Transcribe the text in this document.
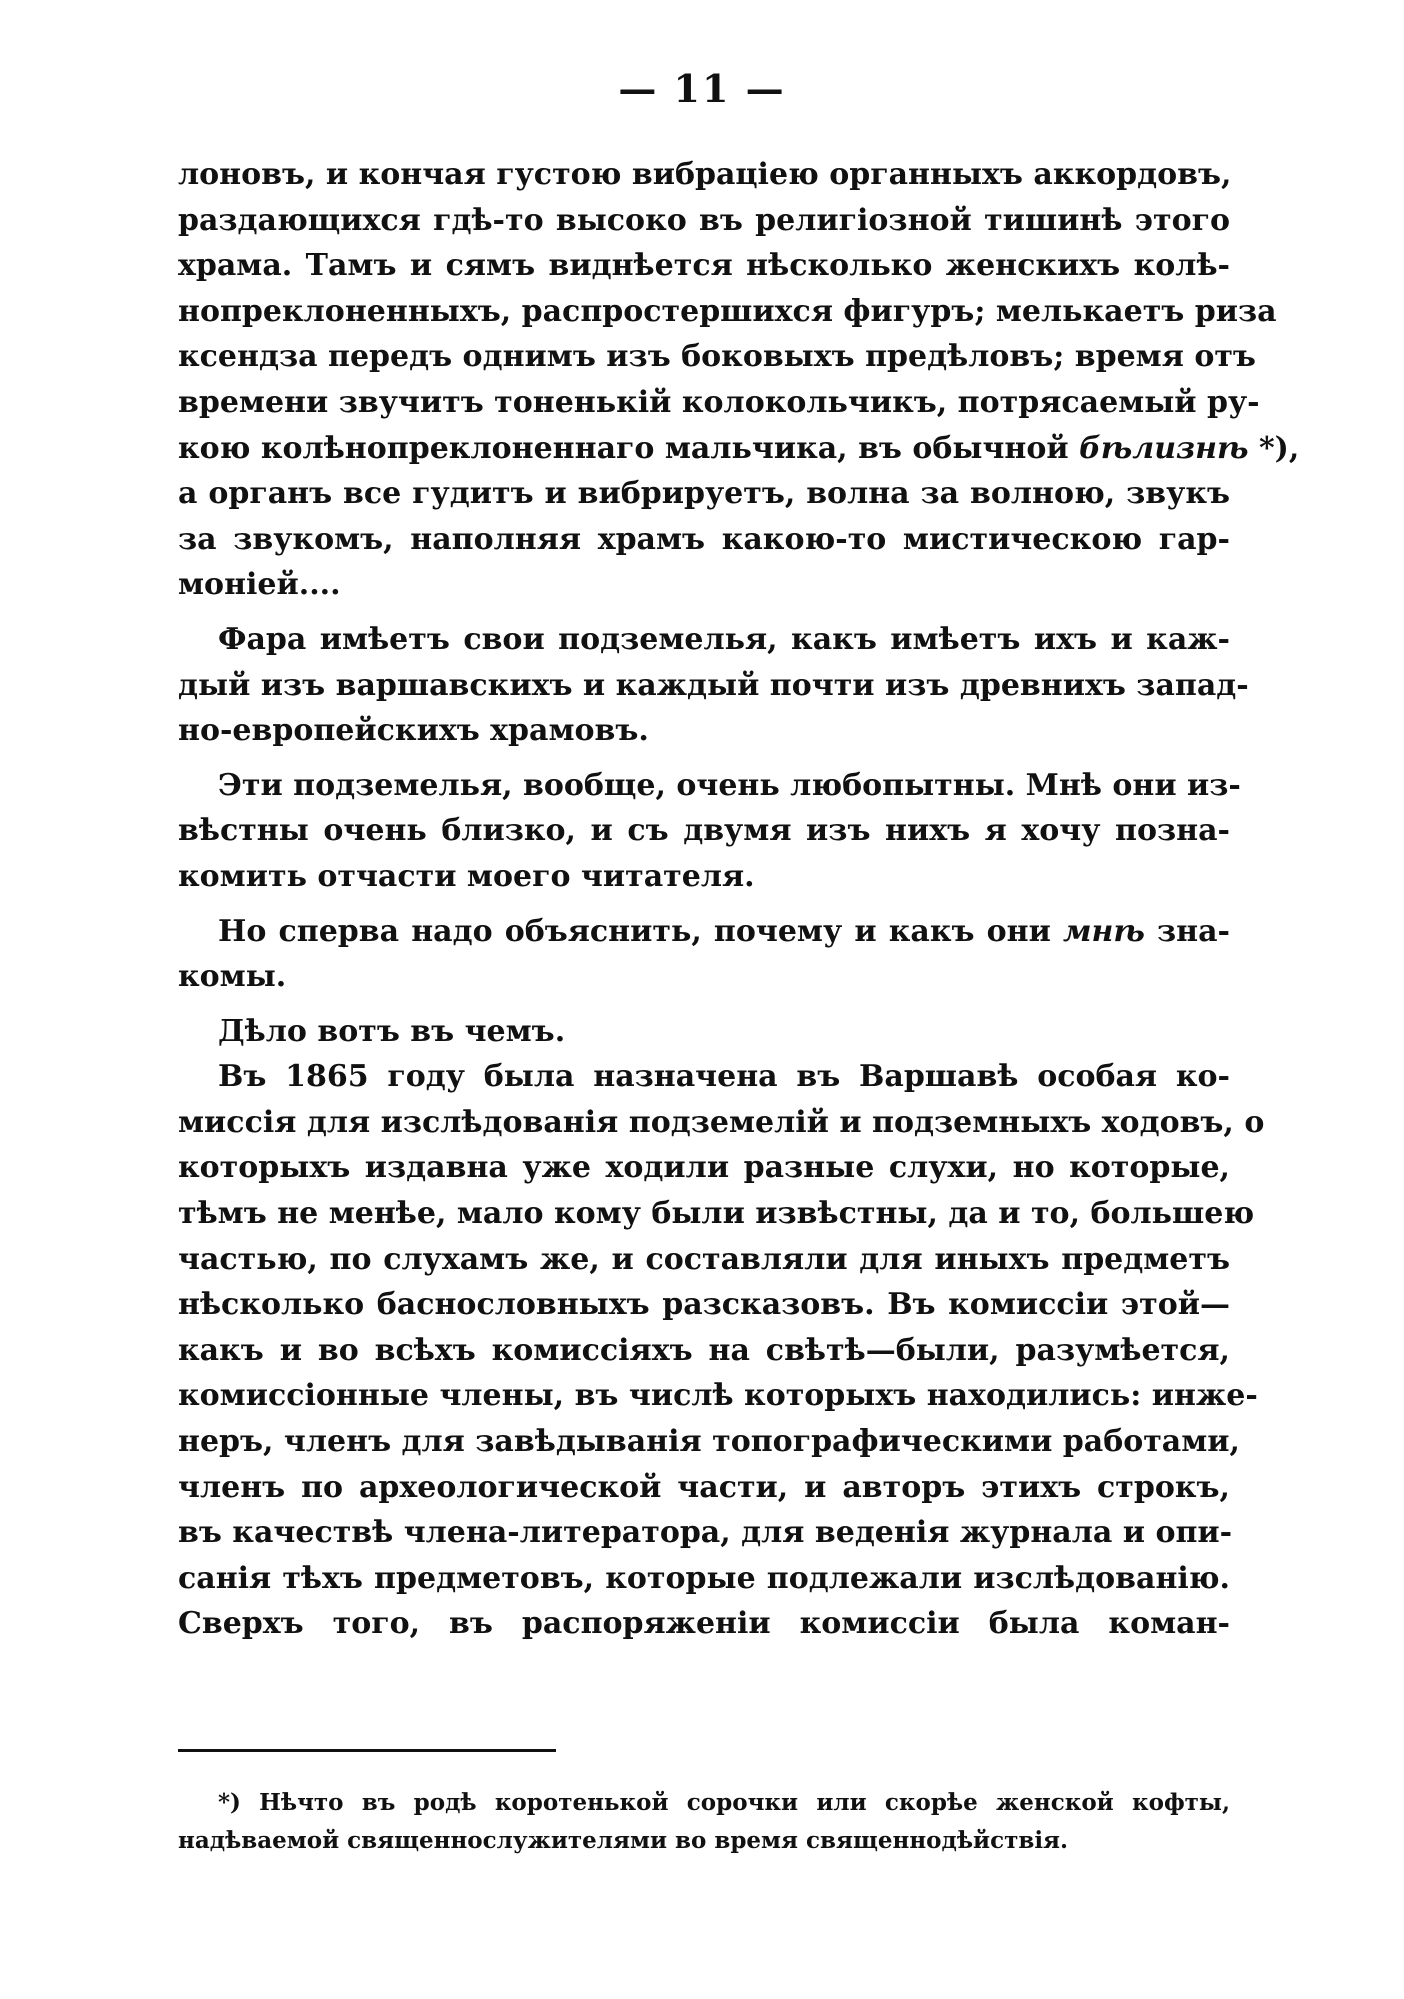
— 11 —
лоновъ, и кончая густою вибраціею органныхъ аккордовъ,
раздающихся гдѣ-то высоко въ религіозной тишинѣ этого
храма. Тамъ и сямъ виднѣется нѣсколько женскихъ колѣ-
нопреклоненныхъ, распростершихся фигуръ; мелькаетъ риза
ксендза передъ однимъ изъ боковыхъ предѣловъ; время отъ
времени звучитъ тоненькій колокольчикъ, потрясаемый ру-
кою колѣнопреклоненнаго мальчика, въ обычной бѣлизнѣ *),
а органъ все гудитъ и вибрируетъ, волна за волною, звукъ
за звукомъ, наполняя храмъ какою-то мистическою гар-
моніей....
Фара имѣетъ свои подземелья, какъ имѣетъ ихъ и каж-
дый изъ варшавскихъ и каждый почти изъ древнихъ запад-
но-европейскихъ храмовъ.
Эти подземелья, вообще, очень любопытны. Мнѣ они из-
вѣстны очень близко, и съ двумя изъ нихъ я хочу позна-
комить отчасти моего читателя.
Но сперва надо объяснить, почему и какъ они мнѣ зна-
комы.
Дѣло вотъ въ чемъ.
Въ 1865 году была назначена въ Варшавѣ особая ко-
миссія для изслѣдованія подземелій и подземныхъ ходовъ, о
которыхъ издавна уже ходили разные слухи, но которые,
тѣмъ не менѣе, мало кому были извѣстны, да и то, большею
частью, по слухамъ же, и составляли для иныхъ предметъ
нѣсколько баснословныхъ разсказовъ. Въ комиссіи этой—
какъ и во всѣхъ комиссіяхъ на свѣтѣ—были, разумѣется,
комиссіонные члены, въ числѣ которыхъ находились: инже-
неръ, членъ для завѣдыванія топографическими работами,
членъ по археологической части, и авторъ этихъ строкъ,
въ качествѣ члена-литератора, для веденія журнала и опи-
санія тѣхъ предметовъ, которые подлежали изслѣдованію.
Сверхъ того, въ распоряженіи комиссіи была коман-
*) Нѣчто въ родѣ коротенькой сорочки или скорѣе женской кофты,
надѣваемой священнослужителями во время священнодѣйствія.
